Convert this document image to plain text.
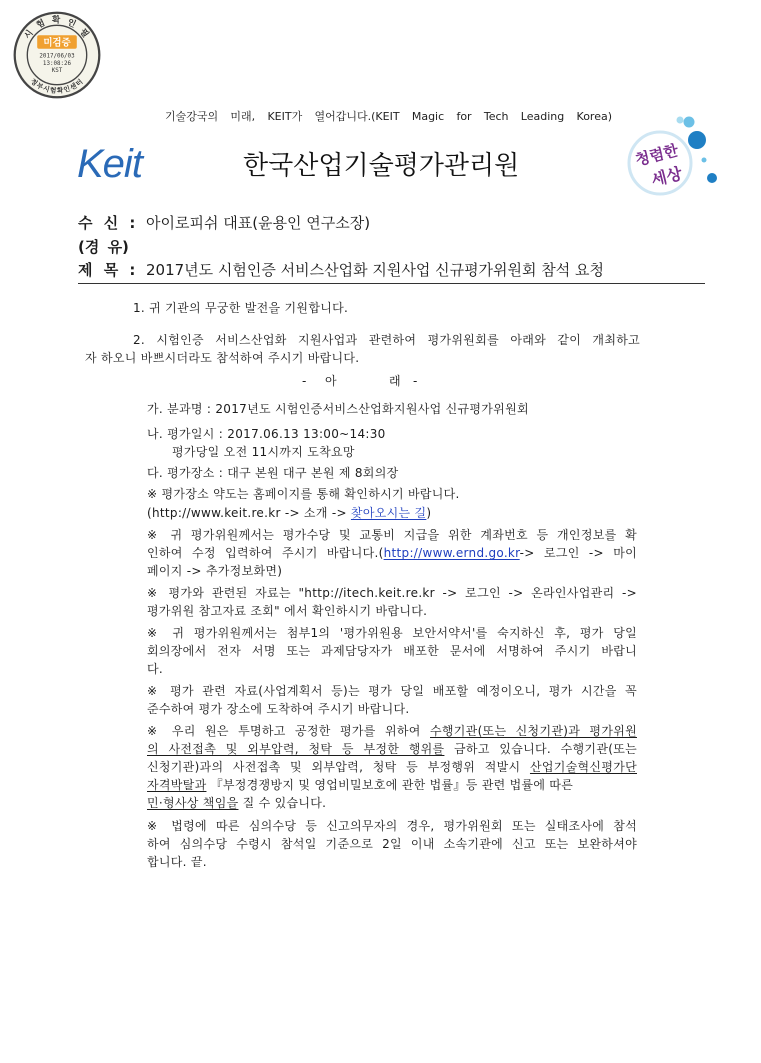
시 험 확 인 필
미검증
2017/06/03
13:08:26
KST
정부시험확인센터
기술강국의 미래, KEIT가 열어갑니다.(KEIT Magic for Tech Leading Korea)
Keit	한국산업기술평가관리원	청렴한
세상
수 신 : 아이로피쉬 대표(윤용인 연구소장)
(경 유)
제 목 : 2017년도 시험인증 서비스산업화 지원사업 신규평가위원회 참석 요청
1. 귀 기관의 무궁한 발전을 기원합니다.
2. 시험인증 서비스산업화 지원사업과 관련하여 평가위원회를 아래와 같이 개최하고
자 하오니 바쁘시더라도 참석하여 주시기 바랍니다.
- 아	래 -
가. 분과명 : 2017년도 시험인증서비스산업화지원사업 신규평가위원회
나. 평가일시 : 2017.06.13 13:00~14:30
평가당일 오전 11시까지 도착요망
다. 평가장소 : 대구 본원 대구 본원 제 8회의장
※ 평가장소 약도는 홈페이지를 통해 확인하시기 바랍니다.
(http://www.keit.re.kr -> 소개 -> 찾아오시는 길)
※ 귀 평가위원께서는 평가수당 및 교통비 지급을 위한 계좌번호 등 개인정보를 확
인하여 수정 입력하여 주시기 바랍니다.(http://www.ernd.go.kr-> 로그인 -> 마이
페이지 -> 추가정보화면)
※ 평가와 관련된 자료는 "http://itech.keit.re.kr -> 로그인 -> 온라인사업관리 ->
평가위원 참고자료 조회" 에서 확인하시기 바랍니다.
※ 귀 평가위원께서는 첨부1의 '평가위원용 보안서약서'를 숙지하신 후, 평가 당일
회의장에서 전자 서명 또는 과제담당자가 배포한 문서에 서명하여 주시기 바랍니
다.
※ 평가 관련 자료(사업계획서 등)는 평가 당일 배포할 예정이오니, 평가 시간을 꼭
준수하여 평가 장소에 도착하여 주시기 바랍니다.
※ 우리 원은 투명하고 공정한 평가를 위하여 수행기관(또는 신청기관)과 평가위원
의 사전접촉 및 외부압력, 청탁 등 부정한 행위를 금하고 있습니다. 수행기관(또는
신청기관)과의 사전접촉 및 외부압력, 청탁 등 부정행위 적발시 산업기술혁신평가단
자격박탈과 『부정경쟁방지 및 영업비밀보호에 관한 법률』등 관련 법률에 따른
민·형사상 책임을 질 수 있습니다.
※ 법령에 따른 심의수당 등 신고의무자의 경우, 평가위원회 또는 실태조사에 참석
하여 심의수당 수령시 참석일 기준으로 2일 이내 소속기관에 신고 또는 보완하셔야
합니다. 끝.
